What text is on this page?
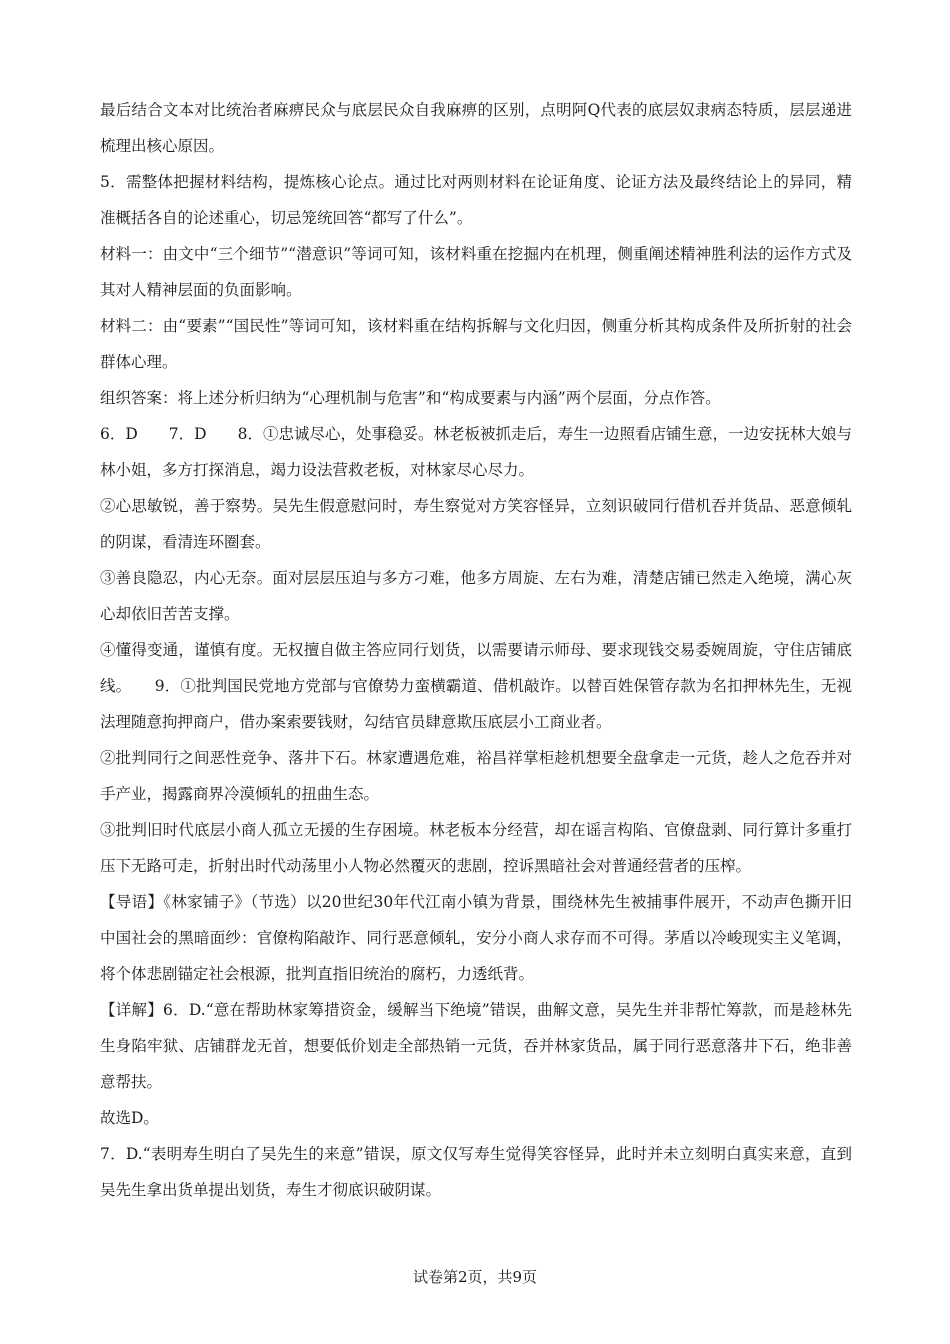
最后结合文本对比统治者麻痹民众与底层民众自我麻痹的区别，点明阿Q代表的底层奴隶病态特质，层层递进梳理出核心原因。

5．需整体把握材料结构，提炼核心论点。通过比对两则材料在论证角度、论证方法及最终结论上的异同，精准概括各自的论述重心，切忌笼统回答“都写了什么”。

材料一：由文中“三个细节”“潜意识”等词可知，该材料重在挖掘内在机理，侧重阐述精神胜利法的运作方式及其对人精神层面的负面影响。

材料二：由“要素”“国民性”等词可知，该材料重在结构拆解与文化归因，侧重分析其构成条件及所折射的社会群体心理。

组织答案：将上述分析归纳为“心理机制与危害”和“构成要素与内涵”两个层面，分点作答。

6．D　　7．D　　8．①忠诚尽心，处事稳妥。林老板被抓走后，寿生一边照看店铺生意，一边安抚林大娘与林小姐，多方打探消息，竭力设法营救老板，对林家尽心尽力。

②心思敏锐，善于察势。吴先生假意慰问时，寿生察觉对方笑容怪异，立刻识破同行借机吞并货品、恶意倾轧的阴谋，看清连环圈套。

③善良隐忍，内心无奈。面对层层压迫与多方刁难，他多方周旋、左右为难，清楚店铺已然走入绝境，满心灰心却依旧苦苦支撑。

④懂得变通，谨慎有度。无权擅自做主答应同行划货，以需要请示师母、要求现钱交易委婉周旋，守住店铺底线。　　9．①批判国民党地方党部与官僚势力蛮横霸道、借机敲诈。以替百姓保管存款为名扣押林先生，无视法理随意拘押商户，借办案索要钱财，勾结官员肆意欺压底层小工商业者。

②批判同行之间恶性竞争、落井下石。林家遭遇危难，裕昌祥掌柜趁机想要全盘拿走一元货，趁人之危吞并对手产业，揭露商界冷漠倾轧的扭曲生态。

③批判旧时代底层小商人孤立无援的生存困境。林老板本分经营，却在谣言构陷、官僚盘剥、同行算计多重打压下无路可走，折射出时代动荡里小人物必然覆灭的悲剧，控诉黑暗社会对普通经营者的压榨。

【导语】《林家铺子》（节选）以20世纪30年代江南小镇为背景，围绕林先生被捕事件展开，不动声色撕开旧中国社会的黑暗面纱：官僚构陷敲诈、同行恶意倾轧，安分小商人求存而不可得。茅盾以冷峻现实主义笔调，将个体悲剧锚定社会根源，批判直指旧统治的腐朽，力透纸背。

【详解】6．D.“意在帮助林家筹措资金，缓解当下绝境”错误，曲解文意，吴先生并非帮忙筹款，而是趁林先生身陷牢狱、店铺群龙无首，想要低价划走全部热销一元货，吞并林家货品，属于同行恶意落井下石，绝非善意帮扶。

故选D。

7．D.“表明寿生明白了吴先生的来意”错误，原文仅写寿生觉得笑容怪异，此时并未立刻明白真实来意，直到吴先生拿出货单提出划货，寿生才彻底识破阴谋。

试卷第2页，共9页
